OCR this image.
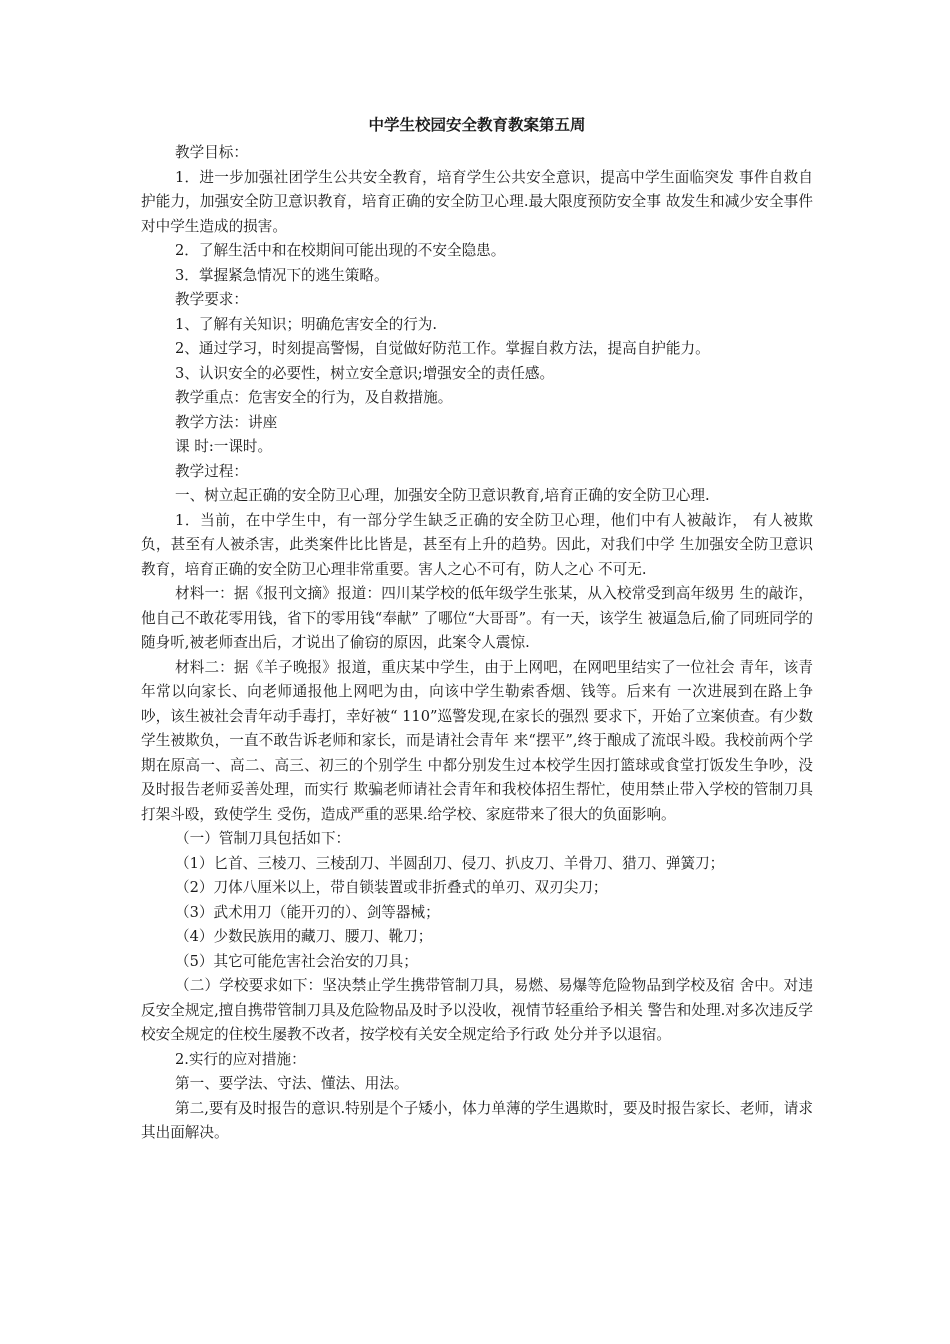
中学生校园安全教育教案第五周

教学目标：

1．进一步加强社团学生公共安全教育，培育学生公共安全意识，提高中学生面临突发 事件自救自护能力，加强安全防卫意识教育，培育正确的安全防卫心理.最大限度预防安全事 故发生和减少安全事件对中学生造成的损害。

2．了解生活中和在校期间可能出现的不安全隐患。

3．掌握紧急情况下的逃生策略。

教学要求：

1、了解有关知识；明确危害安全的行为.

2、通过学习，时刻提高警惕，自觉做好防范工作。掌握自救方法，提高自护能力。

3、认识安全的必要性，树立安全意识;增强安全的责任感。

教学重点：危害安全的行为，及自救措施。

教学方法：讲座

课 时:一课时。

教学过程：

一、树立起正确的安全防卫心理，加强安全防卫意识教育,培育正确的安全防卫心理.

1．当前，在中学生中，有一部分学生缺乏正确的安全防卫心理，他们中有人被敲诈， 有人被欺负，甚至有人被杀害，此类案件比比皆是，甚至有上升的趋势。因此，对我们中学 生加强安全防卫意识教育，培育正确的安全防卫心理非常重要。害人之心不可有，防人之心 不可无.

材料一：据《报刊文摘》报道：四川某学校的低年级学生张某，从入校常受到高年级男 生的敲诈，他自己不敢花零用钱，省下的零用钱“奉献” 了哪位“大哥哥”。有一天，该学生 被逼急后,偷了同班同学的随身听,被老师查出后，才说出了偷窃的原因，此案令人震惊.

材料二：据《羊子晚报》报道，重庆某中学生，由于上网吧，在网吧里结实了一位社会 青年，该青年常以向家长、向老师通报他上网吧为由，向该中学生勒索香烟、钱等。后来有 一次进展到在路上争吵，该生被社会青年动手毒打，幸好被“ 110”巡警发现,在家长的强烈 要求下，开始了立案侦查。有少数学生被欺负，一直不敢告诉老师和家长，而是请社会青年 来“摆平”,终于酿成了流氓斗殴。我校前两个学期在原高一、高二、高三、初三的个别学生 中都分别发生过本校学生因打篮球或食堂打饭发生争吵，没及时报告老师妥善处理，而实行 欺骗老师请社会青年和我校体招生帮忙，使用禁止带入学校的管制刀具打架斗殴，致使学生 受伤，造成严重的恶果.给学校、家庭带来了很大的负面影响。

（一）管制刀具包括如下：

（1）匕首、三棱刀、三棱刮刀、半圆刮刀、侵刀、扒皮刀、羊骨刀、猎刀、弹簧刀；

（2）刀体八厘米以上，带自锁装置或非折叠式的单刃、双刃尖刀；

（3）武术用刀（能开刃的）、剑等器械；

（4）少数民族用的藏刀、腰刀、靴刀；

（5）其它可能危害社会治安的刀具；

（二）学校要求如下：坚决禁止学生携带管制刀具，易燃、易爆等危险物品到学校及宿 舍中。对违反安全规定,擅自携带管制刀具及危险物品及时予以没收，视情节轻重给予相关 警告和处理.对多次违反学校安全规定的住校生屡教不改者，按学校有关安全规定给予行政 处分并予以退宿。

2.实行的应对措施：

第一、要学法、守法、懂法、用法。

第二,要有及时报告的意识.特别是个子矮小，体力单薄的学生遇欺时，要及时报告家长、老师，请求其出面解决。
